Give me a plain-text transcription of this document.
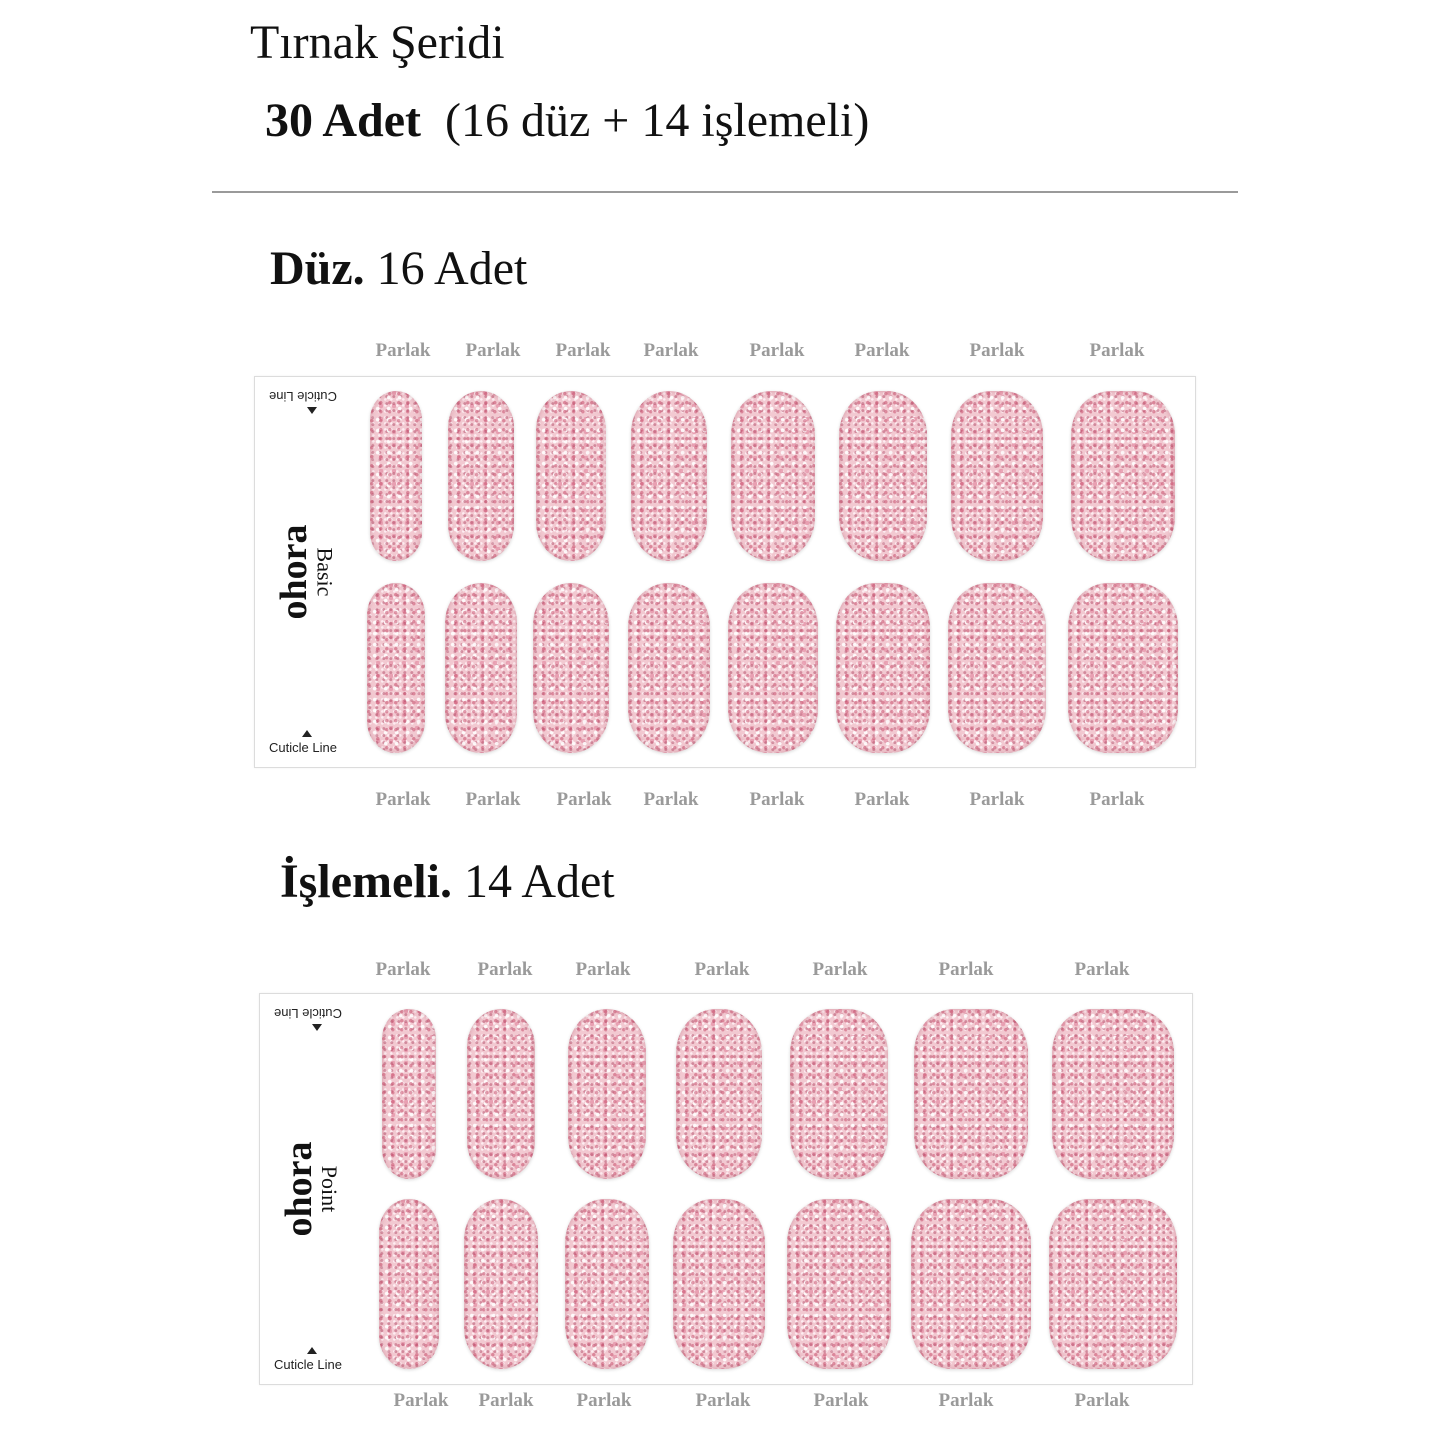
Tırnak Şeridi
30 Adet (16 düz + 14 işlemeli)
Düz. 16 Adet
Parlak Parlak Parlak Parlak	Parlak	Parlak	Parlak	Parlak
Cuticle Line
ohora
Basic
Cuticle Line
Parlak Parlak Parlak Parlak	Parlak	Parlak	Parlak	Parlak
İşlemeli. 14 Adet
Parlak Parlak Parlak	Parlak	Parlak	Parlak	Parlak
Cuticle Line
ohora
Point
Cuticle Line
Parlak Parlak Parlak	Parlak	Parlak	Parlak	Parlak
